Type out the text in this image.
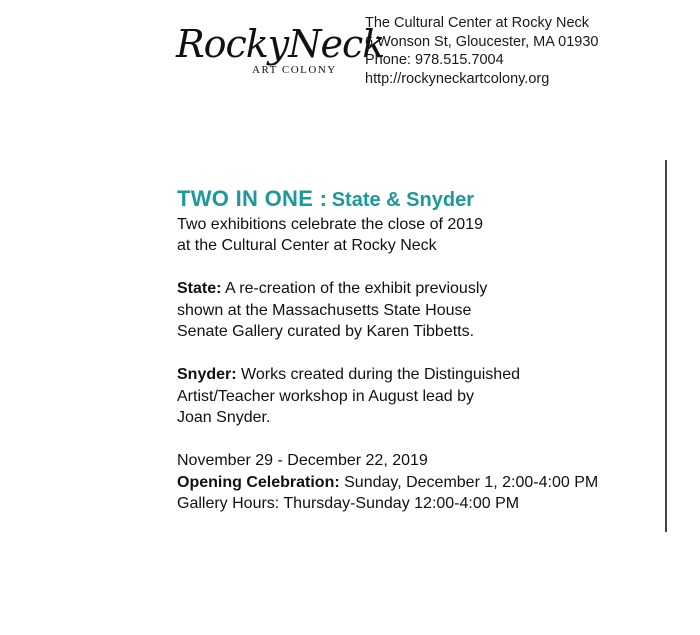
RockyNeck
ART COLONY
The Cultural Center at Rocky Neck
6 Wonson St, Gloucester, MA 01930
Phone: 978.515.7004
http://rockyneckartcolony.org
TWO IN ONE : State & Snyder
Two exhibitions celebrate the close of 2019
at the Cultural Center at Rocky Neck
State: A re-creation of the exhibit previously
shown at the Massachusetts State House
Senate Gallery curated by Karen Tibbetts.
Snyder: Works created during the Distinguished
Artist/Teacher workshop in August lead by
Joan Snyder.
November 29 - December 22, 2019
Opening Celebration: Sunday, December 1, 2:00-4:00 PM
Gallery Hours: Thursday-Sunday 12:00-4:00 PM
